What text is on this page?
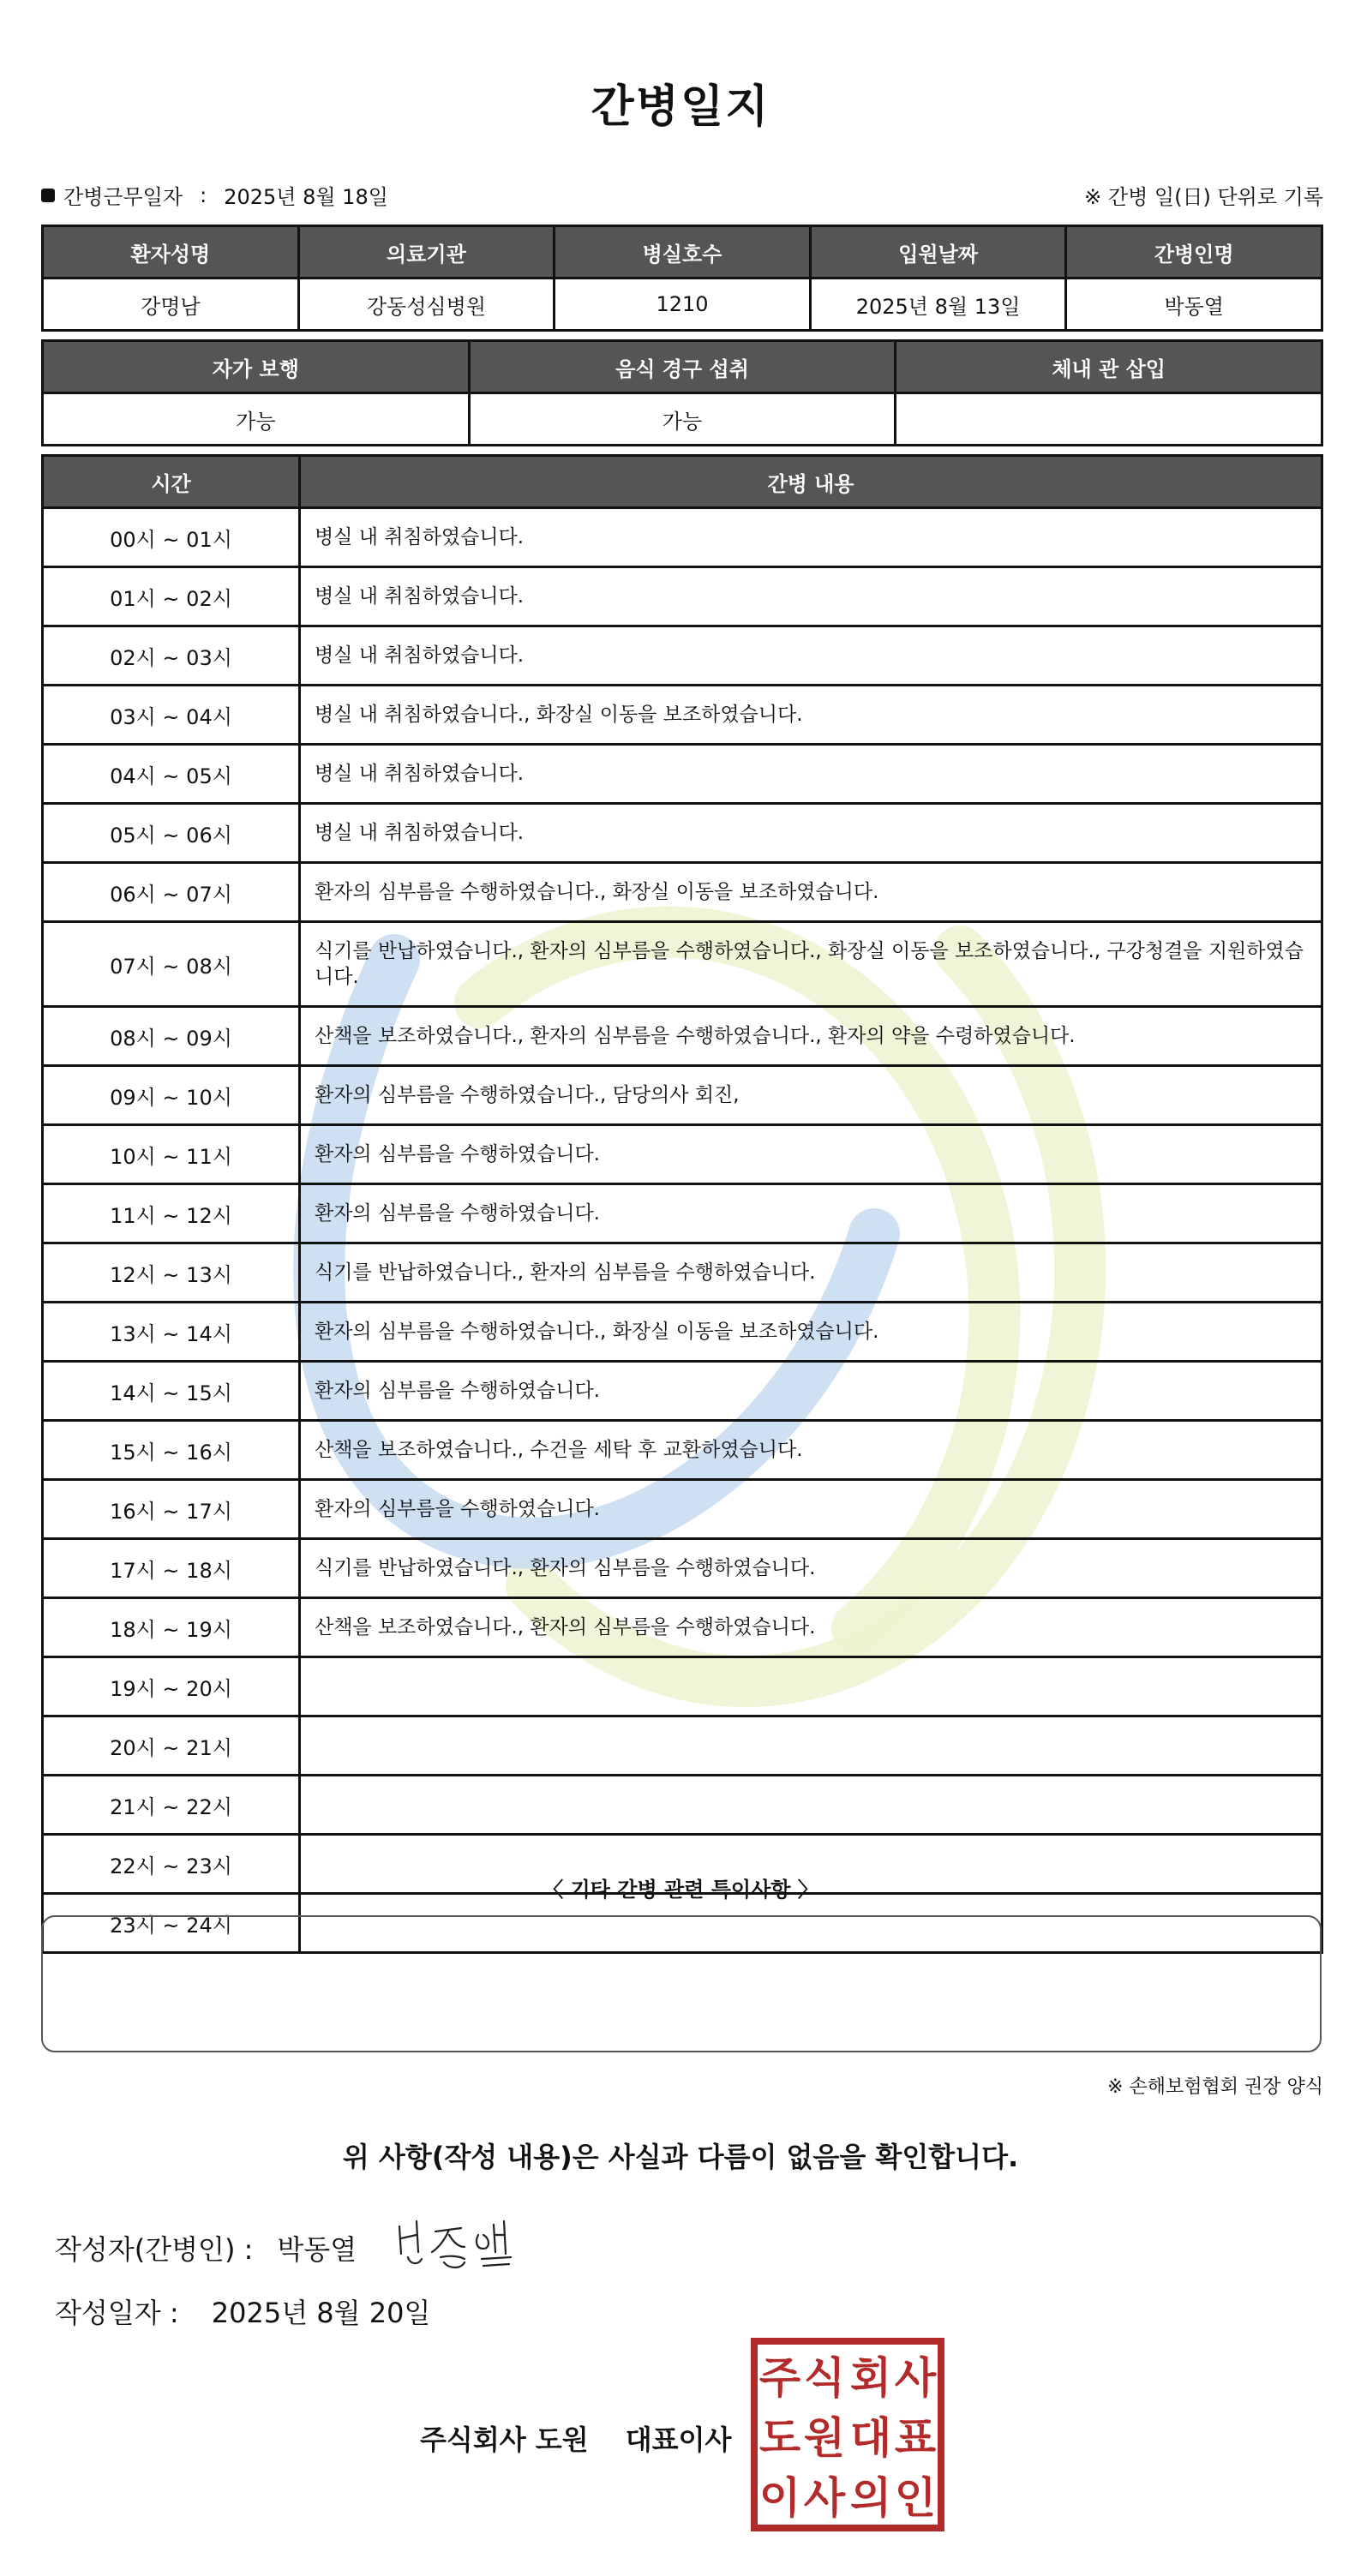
간병일지
간병근무일자 : 2025년 8월 18일	※ 간병 일(日) 단위로 기록
환자성명	의료기관	병실호수	입원날짜	간병인명
강명남	강동성심병원	1210	2025년 8월 13일	박동열
자가 보행	음식 경구 섭취	체내 관 삽입
가능	가능	
시간	간병 내용
00시 ~ 01시	병실 내 취침하였습니다.
01시 ~ 02시	병실 내 취침하였습니다.
02시 ~ 03시	병실 내 취침하였습니다.
03시 ~ 04시	병실 내 취침하였습니다., 화장실 이동을 보조하였습니다.
04시 ~ 05시	병실 내 취침하였습니다.
05시 ~ 06시	병실 내 취침하였습니다.
06시 ~ 07시	환자의 심부름을 수행하였습니다., 화장실 이동을 보조하였습니다.
07시 ~ 08시	식기를 반납하였습니다., 환자의 심부름을 수행하였습니다., 화장실 이동을 보조하였습니다., 구강청결을 지원하였습니다.
08시 ~ 09시	산책을 보조하였습니다., 환자의 심부름을 수행하였습니다., 환자의 약을 수령하였습니다.
09시 ~ 10시	환자의 심부름을 수행하였습니다., 담당의사 회진,
10시 ~ 11시	환자의 심부름을 수행하였습니다.
11시 ~ 12시	환자의 심부름을 수행하였습니다.
12시 ~ 13시	식기를 반납하였습니다., 환자의 심부름을 수행하였습니다.
13시 ~ 14시	환자의 심부름을 수행하였습니다., 화장실 이동을 보조하였습니다.
14시 ~ 15시	환자의 심부름을 수행하였습니다.
15시 ~ 16시	산책을 보조하였습니다., 수건을 세탁 후 교환하였습니다.
16시 ~ 17시	환자의 심부름을 수행하였습니다.
17시 ~ 18시	식기를 반납하였습니다., 환자의 심부름을 수행하였습니다.
18시 ~ 19시	산책을 보조하였습니다., 환자의 심부름을 수행하였습니다.
19시 ~ 20시	
20시 ~ 21시	
21시 ~ 22시	
22시 ~ 23시	
23시 ~ 24시	
〈 기타 간병 관련 특이사항 〉
※ 손해보험협회 권장 양식
위 사항(작성 내용)은 사실과 다름이 없음을 확인합니다.
작성자(간병인) : 박동열
작성일자 : 2025년 8월 20일
주식회사 도원 대표이사
주 식 회 사
도 원 대 표
이 사 의 인
